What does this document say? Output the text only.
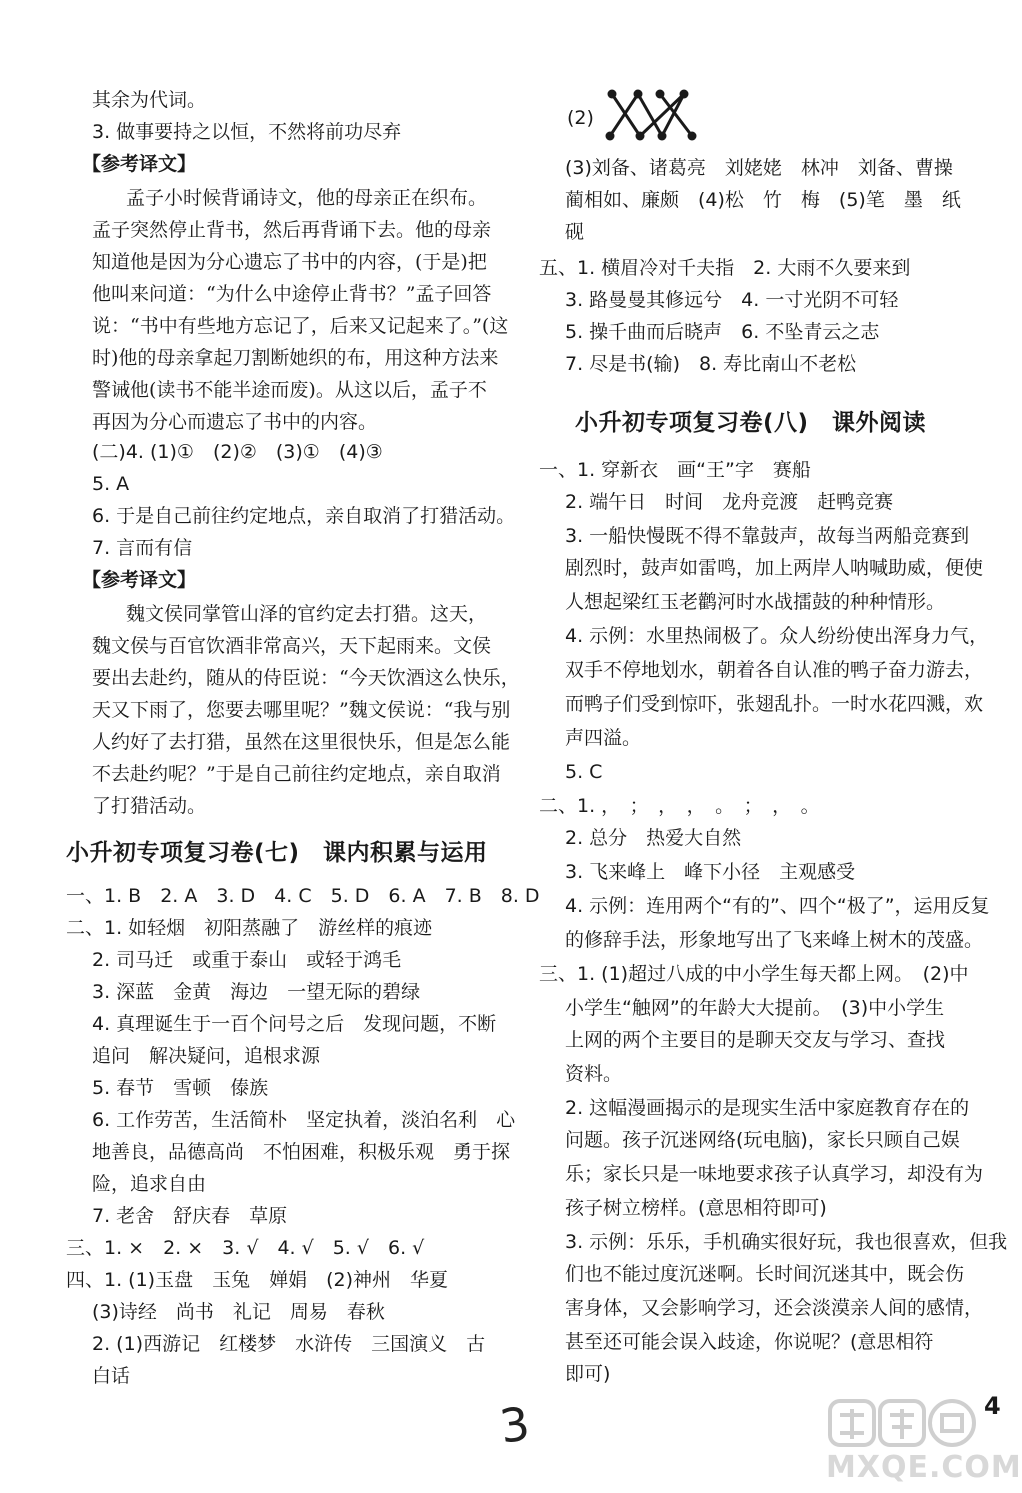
其余为代词。
3. 做事要持之以恒，不然将前功尽弃
【参考译文】
孟子小时候背诵诗文，他的母亲正在织布。
孟子突然停止背书，然后再背诵下去。他的母亲
知道他是因为分心遗忘了书中的内容，(于是)把
他叫来问道：“为什么中途停止背书？”孟子回答
说：“书中有些地方忘记了，后来又记起来了。”(这
时)他的母亲拿起刀割断她织的布，用这种方法来
警诫他(读书不能半途而废)。从这以后，孟子不
再因为分心而遗忘了书中的内容。
(二)4. (1)①　(2)②　(3)①　(4)③
5. A
6. 于是自己前往约定地点，亲自取消了打猎活动。
7. 言而有信
【参考译文】
魏文侯同掌管山泽的官约定去打猎。这天，
魏文侯与百官饮酒非常高兴，天下起雨来。文侯
要出去赴约，随从的侍臣说：“今天饮酒这么快乐，
天又下雨了，您要去哪里呢？”魏文侯说：“我与别
人约好了去打猎，虽然在这里很快乐，但是怎么能
不去赴约呢？”于是自己前往约定地点，亲自取消
了打猎活动。
小升初专项复习卷(七)　课内积累与运用
一、1. B　2. A　3. D　4. C　5. D　6. A　7. B　8. D
二、1. 如轻烟　初阳蒸融了　游丝样的痕迹
2. 司马迁　或重于泰山　或轻于鸿毛
3. 深蓝　金黄　海边　一望无际的碧绿
4. 真理诞生于一百个问号之后　发现问题，不断
追问　解决疑问，追根求源
5. 春节　雪顿　傣族
6. 工作劳苦，生活简朴　坚定执着，淡泊名利　心
地善良，品德高尚　不怕困难，积极乐观　勇于探
险，追求自由
7. 老舍　舒庆春　草原
三、1. ×　2. ×　3. √　4. √　5. √　6. √
四、1. (1)玉盘　玉兔　婵娟　(2)神州　华夏
(3)诗经　尚书　礼记　周易　春秋
2. (1)西游记　红楼梦　水浒传　三国演义　古
白话
(2)
(3)刘备、诸葛亮　刘姥姥　林冲　刘备、曹操
蔺相如、廉颇　(4)松　竹　梅　(5)笔　墨　纸
砚
五、1. 横眉冷对千夫指　2. 大雨不久要来到
3. 路曼曼其修远兮　4. 一寸光阴不可轻
5. 操千曲而后晓声　6. 不坠青云之志
7. 尽是书(输)　8. 寿比南山不老松
小升初专项复习卷(八)　课外阅读
一、1. 穿新衣　画“王”字　赛船
2. 端午日　时间　龙舟竞渡　赶鸭竞赛
3. 一船快慢既不得不靠鼓声，故每当两船竞赛到
剧烈时，鼓声如雷鸣，加上两岸人呐喊助威，便使
人想起梁红玉老鹳河时水战擂鼓的种种情形。
4. 示例：水里热闹极了。众人纷纷使出浑身力气，
双手不停地划水，朝着各自认准的鸭子奋力游去，
而鸭子们受到惊吓，张翅乱扑。一时水花四溅，欢
声四溢。
5. C
二、1. ，　；　，　，　。　；　，　。
2. 总分　热爱大自然
3. 飞来峰上　峰下小径　主观感受
4. 示例：连用两个“有的”、四个“极了”，运用反复
的修辞手法，形象地写出了飞来峰上树木的茂盛。
三、1. (1)超过八成的中小学生每天都上网。　(2)中
小学生“触网”的年龄大大提前。　(3)中小学生
上网的两个主要目的是聊天交友与学习、查找
资料。
2. 这幅漫画揭示的是现实生活中家庭教育存在的
问题。孩子沉迷网络(玩电脑)，家长只顾自己娱
乐；家长只是一味地要求孩子认真学习，却没有为
孩子树立榜样。(意思相符即可)
3. 示例：乐乐，手机确实很好玩，我也很喜欢，但我
们也不能过度沉迷啊。长时间沉迷其中，既会伤
害身体，又会影响学习，还会淡漠亲人间的感情，
甚至还可能会误入歧途，你说呢？(意思相符
即可)
3
MXQE.COM
4
